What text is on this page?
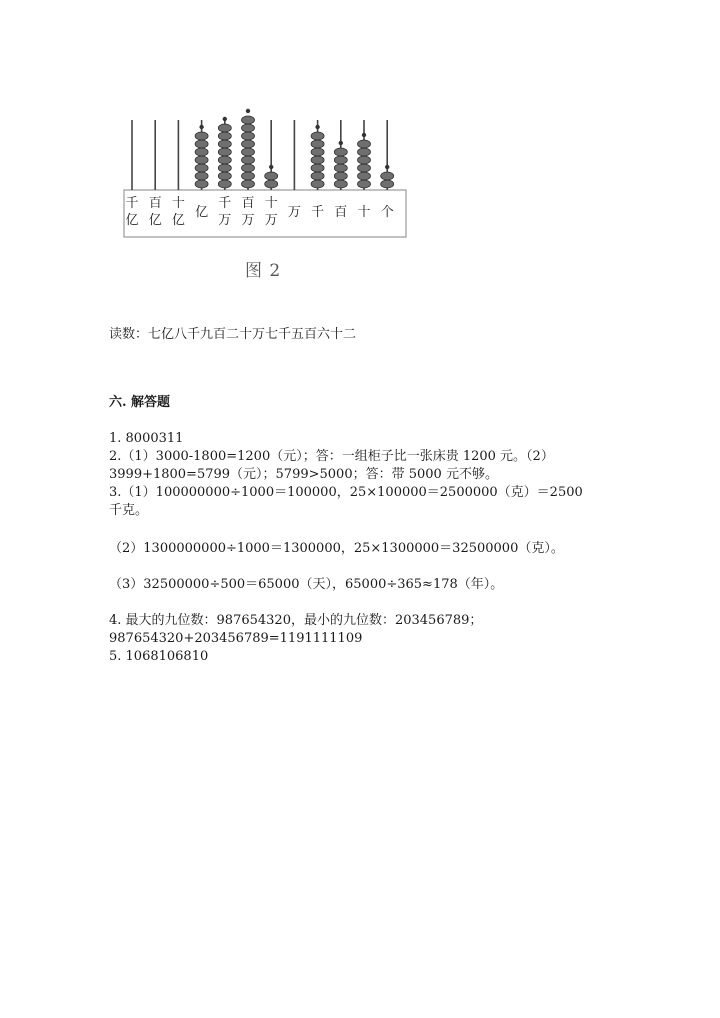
千
亿
百
亿
十
亿
亿
千
万
百
万
十
万
万 千 百 十 个
图 2
读数：七亿八千九百二十万七千五百六十二
六. 解答题
1. 8000311
2.（1）3000-1800=1200（元）；答：一组柜子比一张床贵 1200 元。（2）
3999+1800=5799（元）；5799>5000；答：带 5000 元不够。
3.（1）100000000÷1000＝100000，25×100000＝2500000（克）＝2500 千克。
（2）1300000000÷1000＝1300000，25×1300000＝32500000（克）。
（3）32500000÷500＝65000（天），65000÷365≈178（年）。
4. 最大的九位数：987654320，最小的九位数：203456789；
987654320+203456789=1191111109
5. 1068106810
